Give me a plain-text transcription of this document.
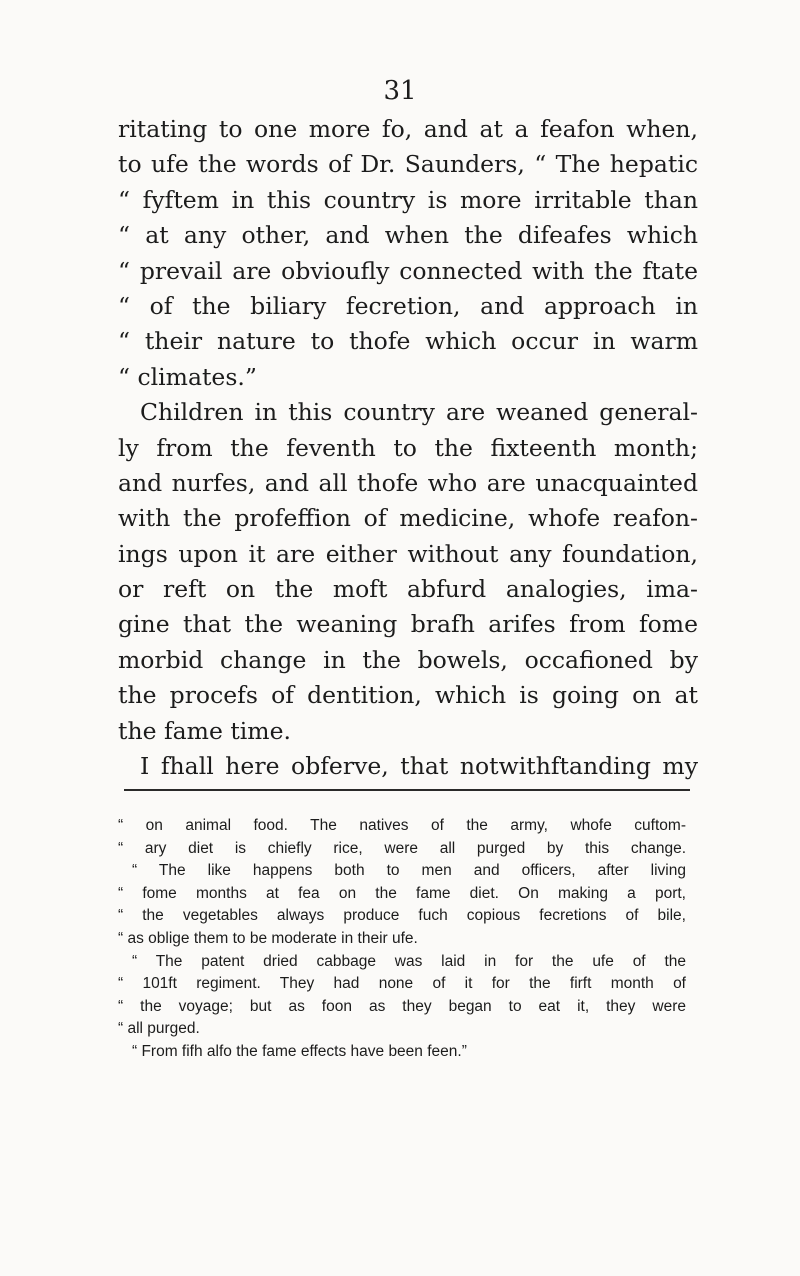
31
ritating to one more fo, and at a feafon when,
to ufe the words of Dr. Saunders, “ The hepatic
“ fyftem in this country is more irritable than
“ at any other, and when the difeafes which
“ prevail are obvioufly connected with the ftate
“ of the biliary fecretion, and approach in
“ their nature to thofe which occur in warm
“ climates.”
Children in this country are weaned general-
ly from the feventh to the fixteenth month;
and nurfes, and all thofe who are unacquainted
with the profeffion of medicine, whofe reafon-
ings upon it are either without any foundation,
or reft on the moft abfurd analogies, ima-
gine that the weaning brafh arifes from fome
morbid change in the bowels, occafioned by
the procefs of dentition, which is going on at
the fame time.
I fhall here obferve, that notwithftanding my
“ on animal food. The natives of the army, whofe cuftom-
“ ary diet is chiefly rice, were all purged by this change.
“ The like happens both to men and officers, after living
“ fome months at fea on the fame diet. On making a port,
“ the vegetables always produce fuch copious fecretions of bile,
“ as oblige them to be moderate in their ufe.
“ The patent dried cabbage was laid in for the ufe of the
“ 101ft regiment. They had none of it for the firft month of
“ the voyage; but as foon as they began to eat it, they were
“ all purged.
“ From fifh alfo the fame effects have been feen.”
